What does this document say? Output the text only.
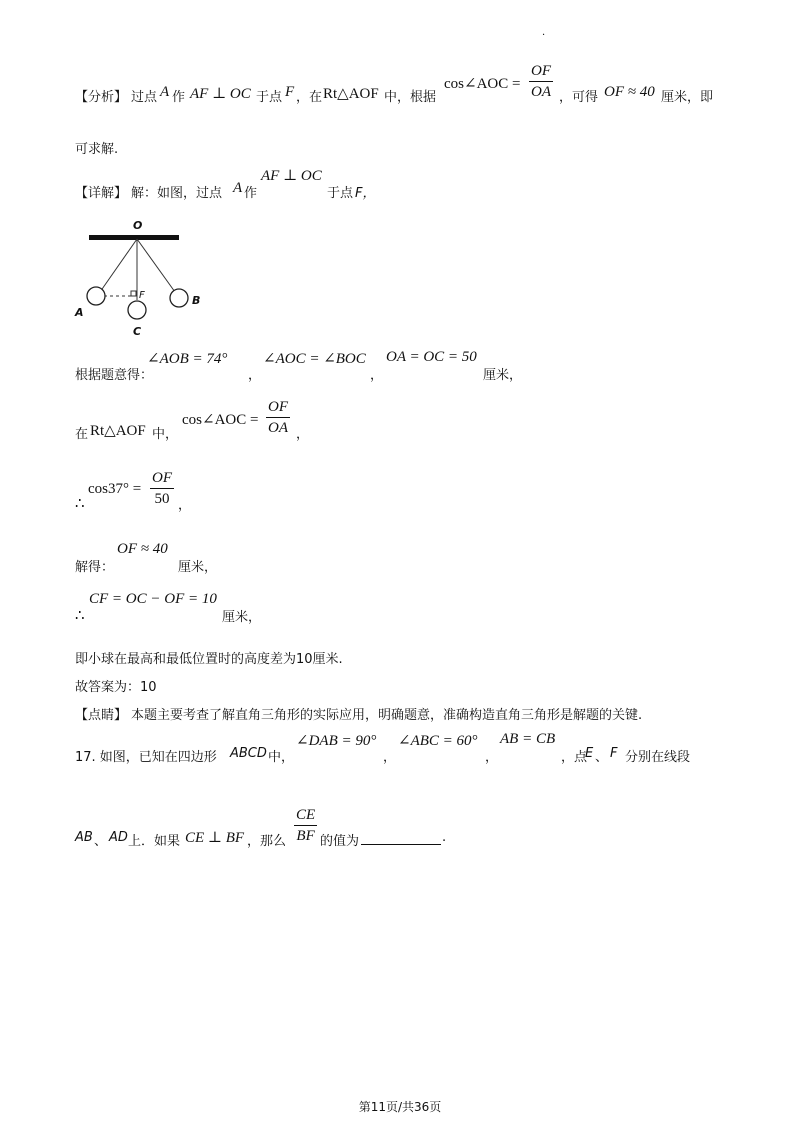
·
【分析】 过点 A 作 AF ⊥ OC 于点 F ，在 Rt△AOF 中，根据
cos∠AOC = $\frac{OF}{OA}$ ，可得 OF ≈ 40 厘米，即
可求解.
【详解】 解：如图，过点 A 作
AF ⊥ OC
于点 F，
O
A
B
C
F
根据题意得：
∠AOB = 74°
，
∠AOC = ∠BOC
，
OA = OC = 50
厘米，
在 Rt△AOF 中，
cos∠AOC = $\frac{OF}{OA}$ ，
∴
$\cos 37^\circ = \frac{OF}{50}$ ，
解得：
OF ≈ 40
厘米，
∴
CF = OC − OF = 10
厘米，
即小球在最高和最低位置时的高度差为10厘米.
故答案为：10
【点睛】 本题主要考查了解直角三角形的实际应用，明确题意，准确构造直角三角形是解题的关键.
17. 如图，已知在四边形 ABCD 中，
∠DAB = 90°
，
∠ABC = 60°
，
AB = CB
，点
E 、 F 分别在线段
AB 、 AD 上．如果 CE ⊥ BF ，那么 $\frac{CE}{BF}$ 的值为	.
第11页/共36页
